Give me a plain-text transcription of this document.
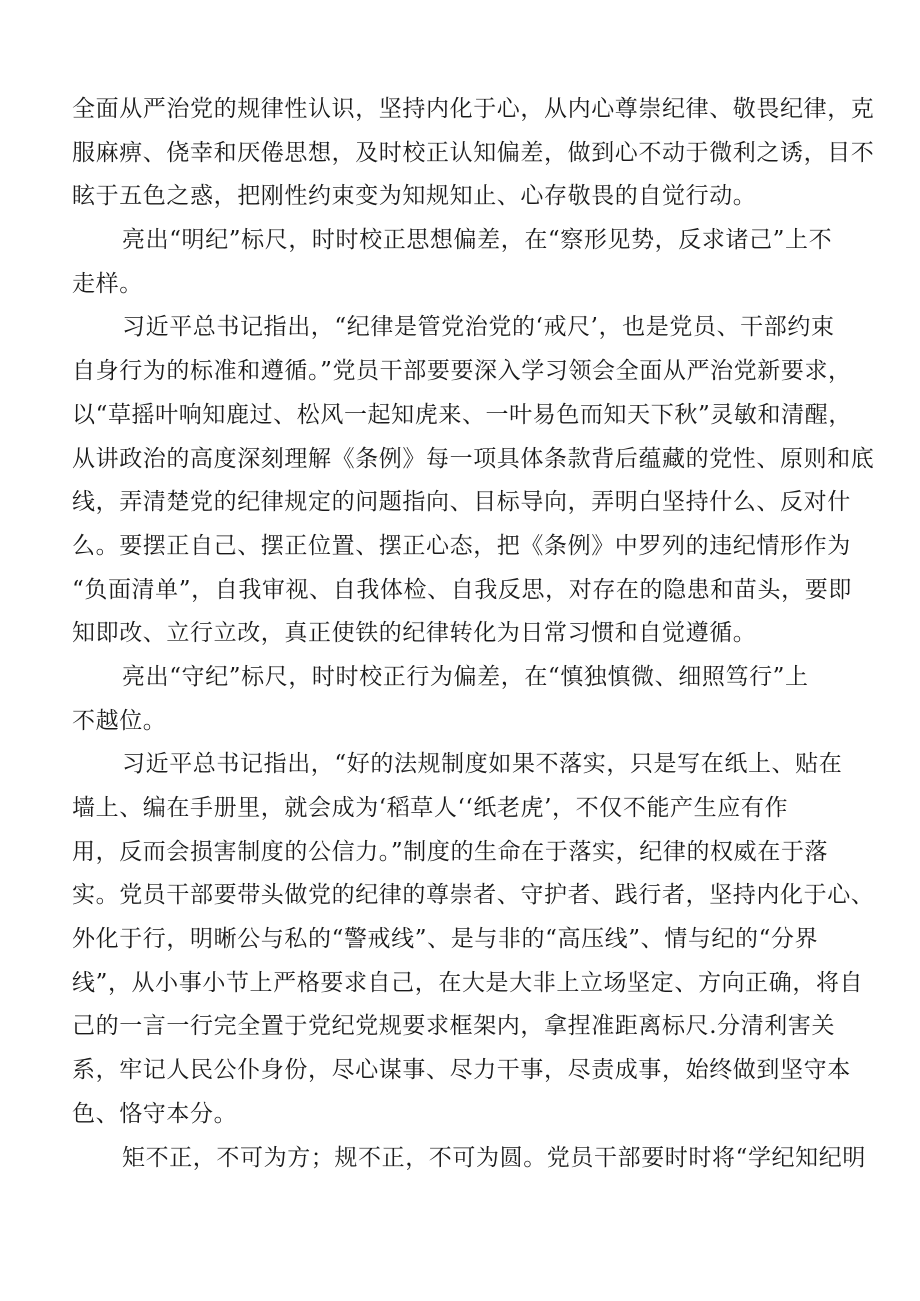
全面从严治党的规律性认识，坚持内化于心，从内心尊崇纪律、敬畏纪律，克
服麻痹、侥幸和厌倦思想，及时校正认知偏差，做到心不动于微利之诱，目不
眩于五色之惑，把刚性约束变为知规知止、心存敬畏的自觉行动。
亮出“明纪”标尺，时时校正思想偏差，在“察形见势，反求诸己”上不
走样。
习近平总书记指出，“纪律是管党治党的‘戒尺’，也是党员、干部约束
自身行为的标准和遵循。”党员干部要要深入学习领会全面从严治党新要求，
以“草摇叶响知鹿过、松风一起知虎来、一叶易色而知天下秋”灵敏和清醒，
从讲政治的高度深刻理解《条例》每一项具体条款背后蕴藏的党性、原则和底
线，弄清楚党的纪律规定的问题指向、目标导向，弄明白坚持什么、反对什
么。要摆正自己、摆正位置、摆正心态，把《条例》中罗列的违纪情形作为
“负面清单”，自我审视、自我体检、自我反思，对存在的隐患和苗头，要即
知即改、立行立改，真正使铁的纪律转化为日常习惯和自觉遵循。
亮出“守纪”标尺，时时校正行为偏差，在“慎独慎微、细照笃行”上
不越位。
习近平总书记指出，“好的法规制度如果不落实，只是写在纸上、贴在
墙上、编在手册里，就会成为‘稻草人‘‘纸老虎’，不仅不能产生应有作
用，反而会损害制度的公信力。”制度的生命在于落实，纪律的权威在于落
实。党员干部要带头做党的纪律的尊崇者、守护者、践行者，坚持内化于心、
外化于行，明晰公与私的“警戒线”、是与非的“高压线”、情与纪的“分界
线”，从小事小节上严格要求自己，在大是大非上立场坚定、方向正确，将自
己的一言一行完全置于党纪党规要求框架内，拿捏准距离标尺.分清利害关
系，牢记人民公仆身份，尽心谋事、尽力干事，尽责成事，始终做到坚守本
色、恪守本分。
矩不正，不可为方；规不正，不可为圆。党员干部要时时将“学纪知纪明
